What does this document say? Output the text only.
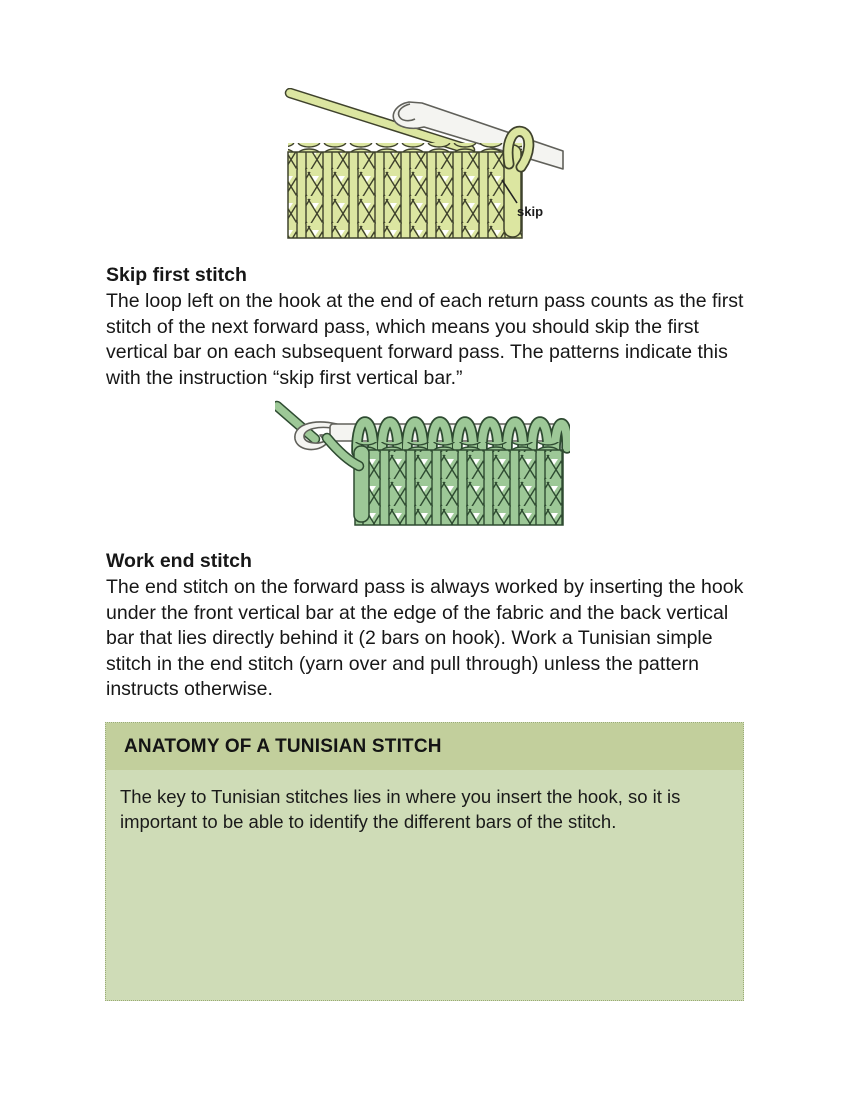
skip
Skip first stitch
The loop left on the hook at the end of each return pass counts as the first stitch of the next forward pass, which means you should skip the first vertical bar on each subsequent forward pass. The patterns indicate this with the instruction “skip first vertical bar.”
Work end stitch
The end stitch on the forward pass is always worked by inserting the hook under the front vertical bar at the edge of the fabric and the back vertical bar that lies directly behind it (2 bars on hook). Work a Tunisian simple stitch in the end stitch (yarn over and pull through) unless the pattern instructs otherwise.
ANATOMY OF A TUNISIAN STITCH
The key to Tunisian stitches lies in where you insert the hook, so it is important to be able to identify the different bars of the stitch.
